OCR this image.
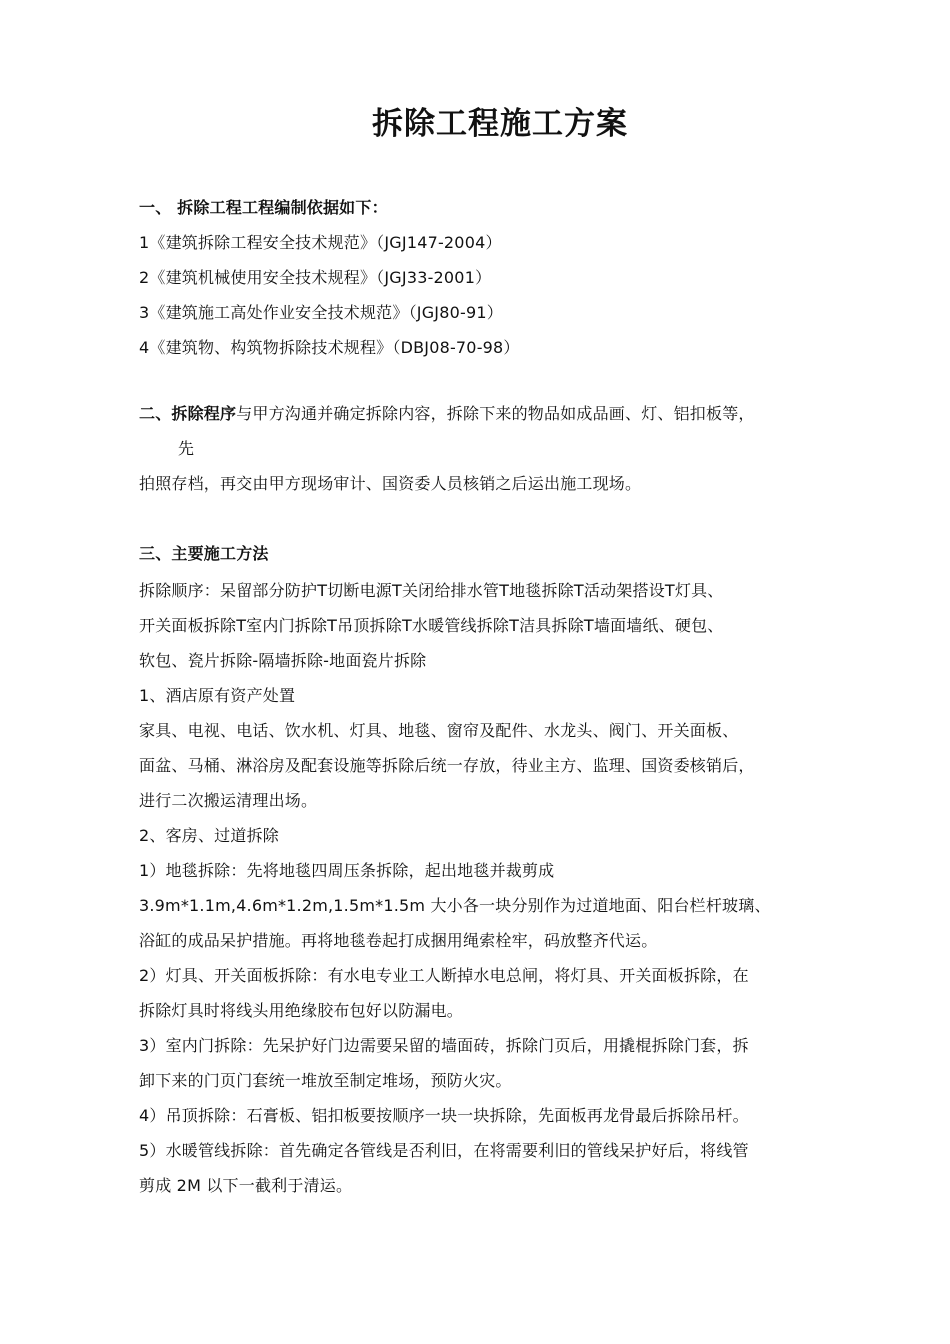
拆除工程施工方案
一、 拆除工程工程编制依据如下：
1《建筑拆除工程安全技术规范》（JGJ147-2004）
2《建筑机械使用安全技术规程》（JGJ33-2001）
3《建筑施工高处作业安全技术规范》（JGJ80-91）
4《建筑物、构筑物拆除技术规程》（DBJ08-70-98）
二、拆除程序与甲方沟通并确定拆除内容，拆除下来的物品如成品画、灯、铝扣板等，
先
拍照存档，再交由甲方现场审计、国资委人员核销之后运出施工现场。
三、主要施工方法
拆除顺序：呆留部分防护T切断电源T关闭给排水管T地毯拆除T活动架搭设T灯具、
开关面板拆除T室内门拆除T吊顶拆除T水暖管线拆除T洁具拆除T墙面墙纸、硬包、
软包、瓷片拆除-隔墙拆除-地面瓷片拆除
1、酒店原有资产处置
家具、电视、电话、饮水机、灯具、地毯、窗帘及配件、水龙头、阀门、开关面板、
面盆、马桶、淋浴房及配套设施等拆除后统一存放，待业主方、监理、国资委核销后，
进行二次搬运清理出场。
2、客房、过道拆除
1）地毯拆除：先将地毯四周压条拆除，起出地毯并裁剪成
3.9m*1.1m,4.6m*1.2m,1.5m*1.5m 大小各一块分别作为过道地面、阳台栏杆玻璃、
浴缸的成品呆护措施。再将地毯卷起打成捆用绳索栓牢，码放整齐代运。
2）灯具、开关面板拆除：有水电专业工人断掉水电总闸，将灯具、开关面板拆除，在
拆除灯具时将线头用绝缘胶布包好以防漏电。
3）室内门拆除：先呆护好门边需要呆留的墙面砖，拆除门页后，用撬棍拆除门套，拆
卸下来的门页门套统一堆放至制定堆场，预防火灾。
4）吊顶拆除：石膏板、铝扣板要按顺序一块一块拆除，先面板再龙骨最后拆除吊杆。
5）水暖管线拆除：首先确定各管线是否利旧，在将需要利旧的管线呆护好后，将线管
剪成 2M 以下一截利于清运。
